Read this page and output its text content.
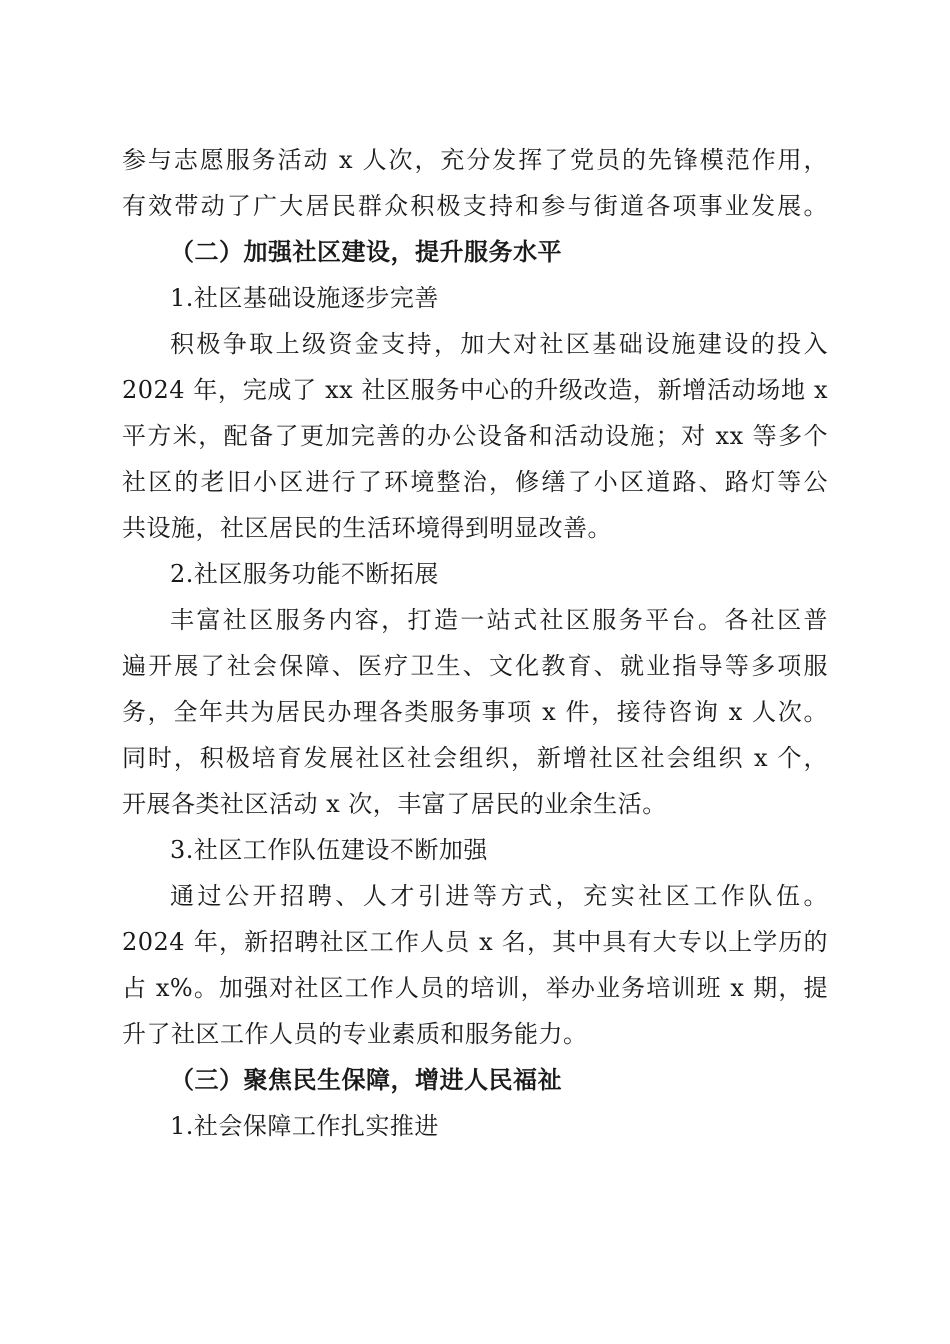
参与志愿服务活动 x 人次，充分发挥了党员的先锋模范作用，
有效带动了广大居民群众积极支持和参与街道各项事业发展。
（二）加强社区建设，提升服务水平
1.社区基础设施逐步完善
积极争取上级资金支持，加大对社区基础设施建设的投入
2024 年，完成了 xx 社区服务中心的升级改造，新增活动场地 x
平方米，配备了更加完善的办公设备和活动设施；对 xx 等多个
社区的老旧小区进行了环境整治，修缮了小区道路、路灯等公
共设施，社区居民的生活环境得到明显改善。
2.社区服务功能不断拓展
丰富社区服务内容，打造一站式社区服务平台。各社区普
遍开展了社会保障、医疗卫生、文化教育、就业指导等多项服
务，全年共为居民办理各类服务事项 x 件，接待咨询 x 人次。
同时，积极培育发展社区社会组织，新增社区社会组织 x 个，
开展各类社区活动 x 次，丰富了居民的业余生活。
3.社区工作队伍建设不断加强
通过公开招聘、人才引进等方式，充实社区工作队伍。
2024 年，新招聘社区工作人员 x 名，其中具有大专以上学历的
占 x%。加强对社区工作人员的培训，举办业务培训班 x 期，提
升了社区工作人员的专业素质和服务能力。
（三）聚焦民生保障，增进人民福祉
1.社会保障工作扎实推进
